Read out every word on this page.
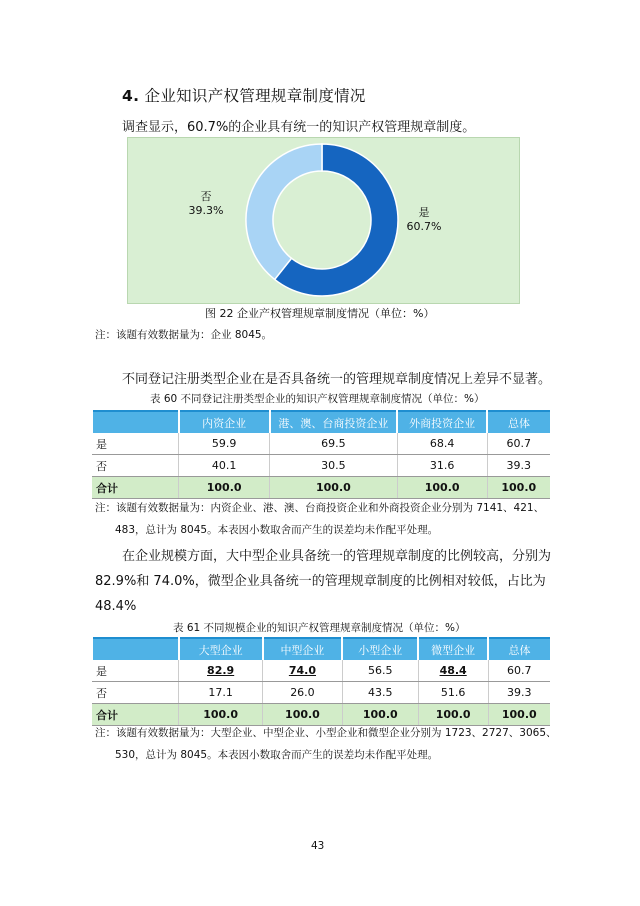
4. 企业知识产权管理规章制度情况
调查显示，60.7%的企业具有统一的知识产权管理规章制度。
否
39.3%	是
60.7%
图 22 企业产权管理规章制度情况（单位：%）
注：该题有效数据量为：企业 8045。
不同登记注册类型企业在是否具备统一的管理规章制度情况上差异不显著。
表 60 不同登记注册类型企业的知识产权管理规章制度情况（单位：%）
	内资企业	港、澳、台商投资企业	外商投资企业	总体
是	59.9	69.5	68.4	60.7
否	40.1	30.5	31.6	39.3
合计	100.0	100.0	100.0	100.0
注：该题有效数据量为：内资企业、港、澳、台商投资企业和外商投资企业分别为 7141、421、
483，总计为 8045。本表因小数取舍而产生的误差均未作配平处理。
在企业规模方面，大中型企业具备统一的管理规章制度的比例较高，分别为
82.9%和 74.0%，微型企业具备统一的管理规章制度的比例相对较低，占比为
48.4%
表 61 不同规模企业的知识产权管理规章制度情况（单位：%）
	大型企业	中型企业	小型企业	微型企业	总体
是	82.9	74.0	56.5	48.4	60.7
否	17.1	26.0	43.5	51.6	39.3
合计	100.0	100.0	100.0	100.0	100.0
注：该题有效数据量为：大型企业、中型企业、小型企业和微型企业分别为 1723、2727、3065、
530，总计为 8045。本表因小数取舍而产生的误差均未作配平处理。
43
